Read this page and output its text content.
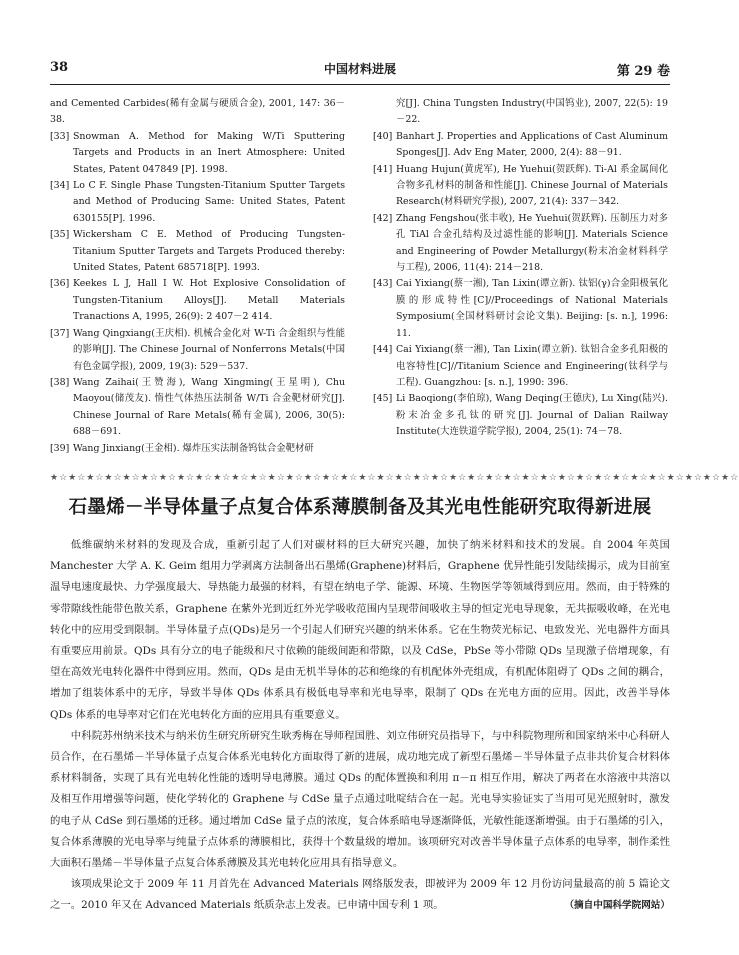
38	中国材料进展	第 29 卷
and Cemented Carbides(稀有金属与硬质合金), 2001, 147: 36－38.
[33] Snowman A. Method for Making W/Ti Sputtering Targets and Products in an Inert Atmosphere: United States, Patent 047849 [P]. 1998.
[34] Lo C F. Single Phase Tungsten-Titanium Sputter Targets and Method of Producing Same: United States, Patent 630155[P]. 1996.
[35] Wickersham C E. Method of Producing Tungsten-Titanium Sputter Targets and Targets Produced thereby: United States, Patent 685718[P]. 1993.
[36] Keekes L J, Hall I W. Hot Explosive Consolidation of Tungsten-Titanium Alloys[J]. Metall Materials Tranactions A, 1995, 26(9): 2 407－2 414.
[37] Wang Qingxiang(王庆相). 机械合金化对 W-Ti 合金组织与性能的影响[J]. The Chinese Journal of Nonferrons Metals(中国有色金属学报), 2009, 19(3): 529－537.
[38] Wang Zaihai(王赞海), Wang Xingming(王星明), Chu Maoyou(储茂友). 惰性气体热压法制备 W/Ti 合金靶材研究[J]. Chinese Journal of Rare Metals(稀有金属), 2006, 30(5): 688－691.
[39] Wang Jinxiang(王金相). 爆炸压实法制备钨钛合金靶材研
究[J]. China Tungsten Industry(中国钨业), 2007, 22(5): 19－22.
[40] Banhart J. Properties and Applications of Cast Aluminum Sponges[J]. Adv Eng Mater, 2000, 2(4): 88－91.
[41] Huang Hujun(黄虎军), He Yuehui(贺跃辉). Ti-Al 系金属间化合物多孔材料的制备和性能[J]. Chinese Journal of Materials Research(材料研究学报), 2007, 21(4): 337－342.
[42] Zhang Fengshou(张丰收), He Yuehui(贺跃辉). 压制压力对多孔 TiAl 合金孔结构及过滤性能的影响[J]. Materials Science and Engineering of Powder Metallurgy(粉末冶金材料科学与工程), 2006, 11(4): 214－218.
[43] Cai Yixiang(蔡一湘), Tan Lixin(谭立新). 钛铝(γ)合金阳极氧化膜的形成特性[C]//Proceedings of National Materials Symposium(全国材料研讨会论文集). Beijing: [s. n.], 1996: 11.
[44] Cai Yixiang(蔡一湘), Tan Lixin(谭立新). 钛铝合金多孔阳极的电容特性[C]//Titanium Science and Engineering(钛科学与工程). Guangzhou: [s. n.], 1990: 396.
[45] Li Baoqiong(李伯琼), Wang Deqing(王德庆), Lu Xing(陆兴). 粉末冶金多孔钛的研究[J]. Journal of Dalian Railway Institute(大连铁道学院学报), 2004, 25(1): 74－78.
★☆★☆★☆★☆★☆★☆★☆★☆★☆★☆★☆★☆★☆★☆★☆★☆★☆★☆★☆★☆★☆★☆★☆★☆★☆★☆★☆★☆★☆★☆★☆★☆★☆★☆★☆★☆★☆★☆
石墨烯－半导体量子点复合体系薄膜制备及其光电性能研究取得新进展

低维碳纳米材料的发现及合成，重新引起了人们对碳材料的巨大研究兴趣，加快了纳米材料和技术的发展。自 2004 年英国 Manchester 大学 A. K. Geim 组用力学剥离方法制备出石墨烯(Graphene)材料后，Graphene 优异性能引发陆续揭示，成为目前室温导电速度最快、力学强度最大、导热能力最强的材料，有望在纳电子学、能源、环境、生物医学等领域得到应用。然而，由于特殊的零带隙线性能带色散关系，Graphene 在紫外光到近红外光学吸收范围内呈现带间吸收主导的恒定光电导现象，无共振吸收峰，在光电转化中的应用受到限制。半导体量子点(QDs)是另一个引起人们研究兴趣的纳米体系。它在生物荧光标记、电致发光、光电器件方面具有重要应用前景。QDs 具有分立的电子能级和尺寸依赖的能级间距和带隙，以及 CdSe，PbSe 等小带隙 QDs 呈现激子倍增现象，有望在高效光电转化器件中得到应用。然而，QDs 是由无机半导体的芯和绝缘的有机配体外壳组成，有机配体阻碍了 QDs 之间的耦合，增加了组装体系中的无序，导致半导体 QDs 体系具有极低电导率和光电导率，限制了 QDs 在光电方面的应用。因此，改善半导体 QDs 体系的电导率对它们在光电转化方面的应用具有重要意义。

中科院苏州纳米技术与纳米仿生研究所研究生耿秀梅在导师程国胜、刘立伟研究员指导下，与中科院物理所和国家纳米中心科研人员合作，在石墨烯－半导体量子点复合体系光电转化方面取得了新的进展，成功地完成了新型石墨烯－半导体量子点非共价复合材料体系材料制备，实现了具有光电转化性能的透明导电薄膜。通过 QDs 的配体置换和利用 π－π 相互作用，解决了两者在水溶液中共溶以及相互作用增强等问题，使化学转化的 Graphene 与 CdSe 量子点通过吡啶结合在一起。光电导实验证实了当用可见光照射时，激发的电子从 CdSe 到石墨烯的迁移。通过增加 CdSe 量子点的浓度，复合体系暗电导逐渐降低，光敏性能逐渐增强。由于石墨烯的引入，复合体系薄膜的光电导率与纯量子点体系的薄膜相比，获得十个数量级的增加。该项研究对改善半导体量子点体系的电导率，制作柔性大面积石墨烯－半导体量子点复合体系薄膜及其光电转化应用具有指导意义。

该项成果论文于 2009 年 11 月首先在 Advanced Materials 网络版发表，即被评为 2009 年 12 月份访问量最高的前 5 篇论文之一。2010 年又在 Advanced Materials 纸质杂志上发表。已申请中国专利 1 项。	（摘自中国科学院网站）
